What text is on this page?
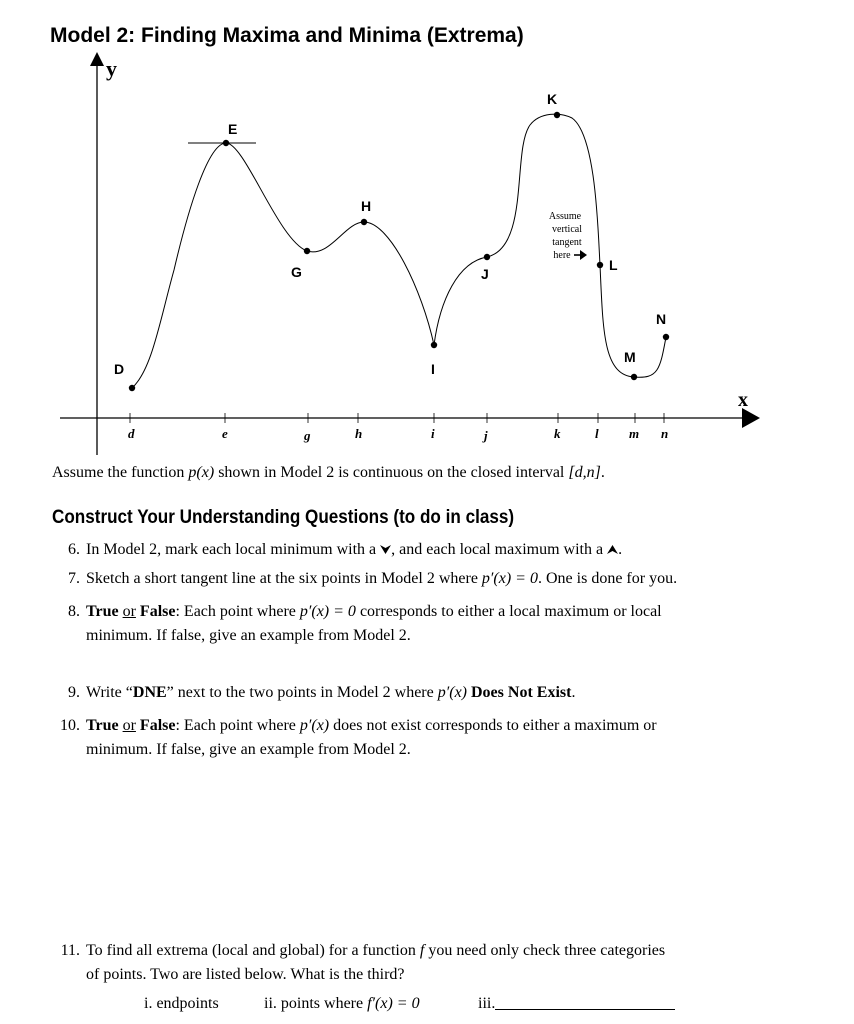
Model 2: Finding Maxima and Minima (Extrema)
y
x
d	e	g	h	i	j	k	l m n
D
E
G
H
I
J
K
L
M
N
Assume
vertical
tangent
here
Assume the function p(x) shown in Model 2 is continuous on the closed interval [d,n].
Construct Your Understanding Questions (to do in class)
6. In Model 2, mark each local minimum with a , and each local maximum with a .
7. Sketch a short tangent line at the six points in Model 2 where p′(x) = 0. One is done for you.
8. True or False: Each point where p′(x) = 0 corresponds to either a local maximum or local
minimum. If false, give an example from Model 2.
9. Write “DNE” next to the two points in Model 2 where p′(x) Does Not Exist.
10. True or False: Each point where p′(x) does not exist corresponds to either a maximum or
minimum. If false, give an example from Model 2.
11. To find all extrema (local and global) for a function f you need only check three categories
of points. Two are listed below. What is the third?
i. endpoints	ii. points where f′(x) = 0	iii.
